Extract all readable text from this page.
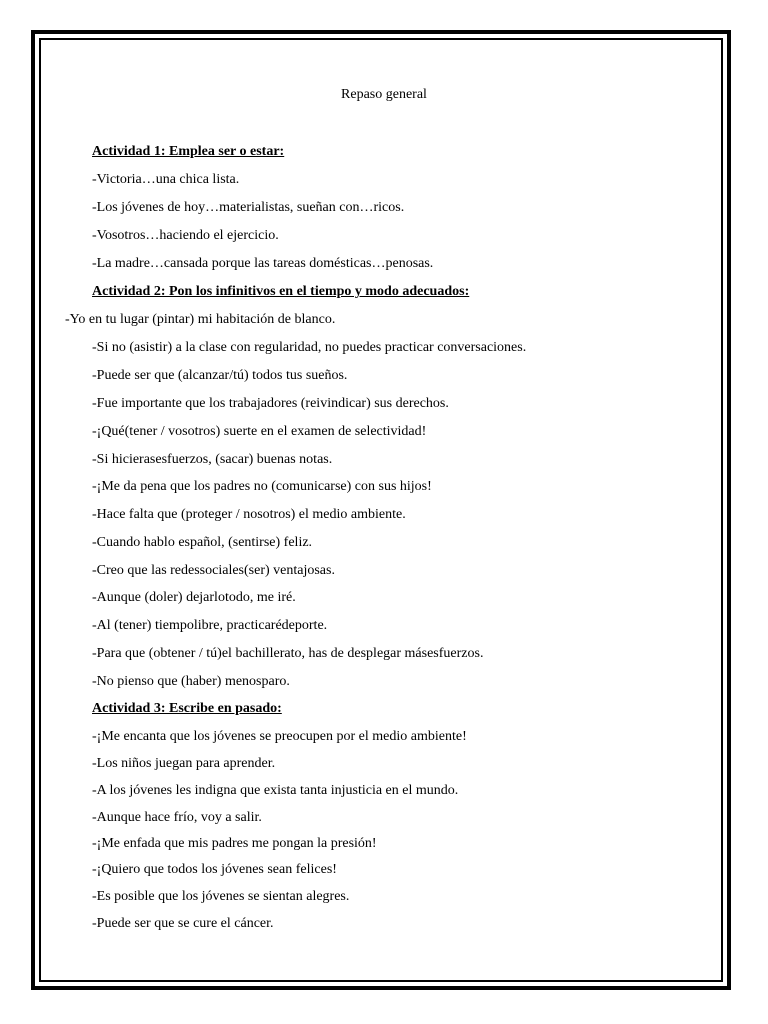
Repaso general
Actividad 1: Emplea ser o estar:
-Victoria…una chica lista.
-Los jóvenes de hoy…materialistas, sueñan con…ricos.
-Vosotros…haciendo el ejercicio.
-La madre…cansada porque las tareas domésticas…penosas.
Actividad 2: Pon los infinitivos en el tiempo y modo adecuados:
-Yo en tu lugar (pintar) mi habitación de blanco.
-Si no (asistir) a la clase con regularidad, no puedes practicar conversaciones.
-Puede ser que (alcanzar/tú) todos tus sueños.
-Fue importante que los trabajadores (reivindicar) sus derechos.
-¡Qué(tener / vosotros) suerte en el examen de selectividad!
-Si hicierasesfuerzos, (sacar) buenas notas.
-¡Me da pena que los padres no (comunicarse) con sus hijos!
-Hace falta que (proteger / nosotros) el medio ambiente.
-Cuando hablo español, (sentirse) feliz.
-Creo que las redessociales(ser) ventajosas.
-Aunque (doler) dejarlotodo, me iré.
-Al (tener) tiempolibre, practicarédeporte.
-Para que (obtener / tú)el bachillerato, has de desplegar másesfuerzos.
-No pienso que (haber) menosparo.
Actividad 3: Escribe en pasado:
-¡Me encanta que los jóvenes se preocupen por el medio ambiente!
-Los niños juegan para aprender.
-A los jóvenes les indigna que exista tanta injusticia en el mundo.
-Aunque hace frío, voy a salir.
-¡Me enfada que mis padres me pongan la presión!
-¡Quiero que todos los jóvenes sean felices!
-Es posible que los jóvenes se sientan alegres.
-Puede ser que se cure el cáncer.
